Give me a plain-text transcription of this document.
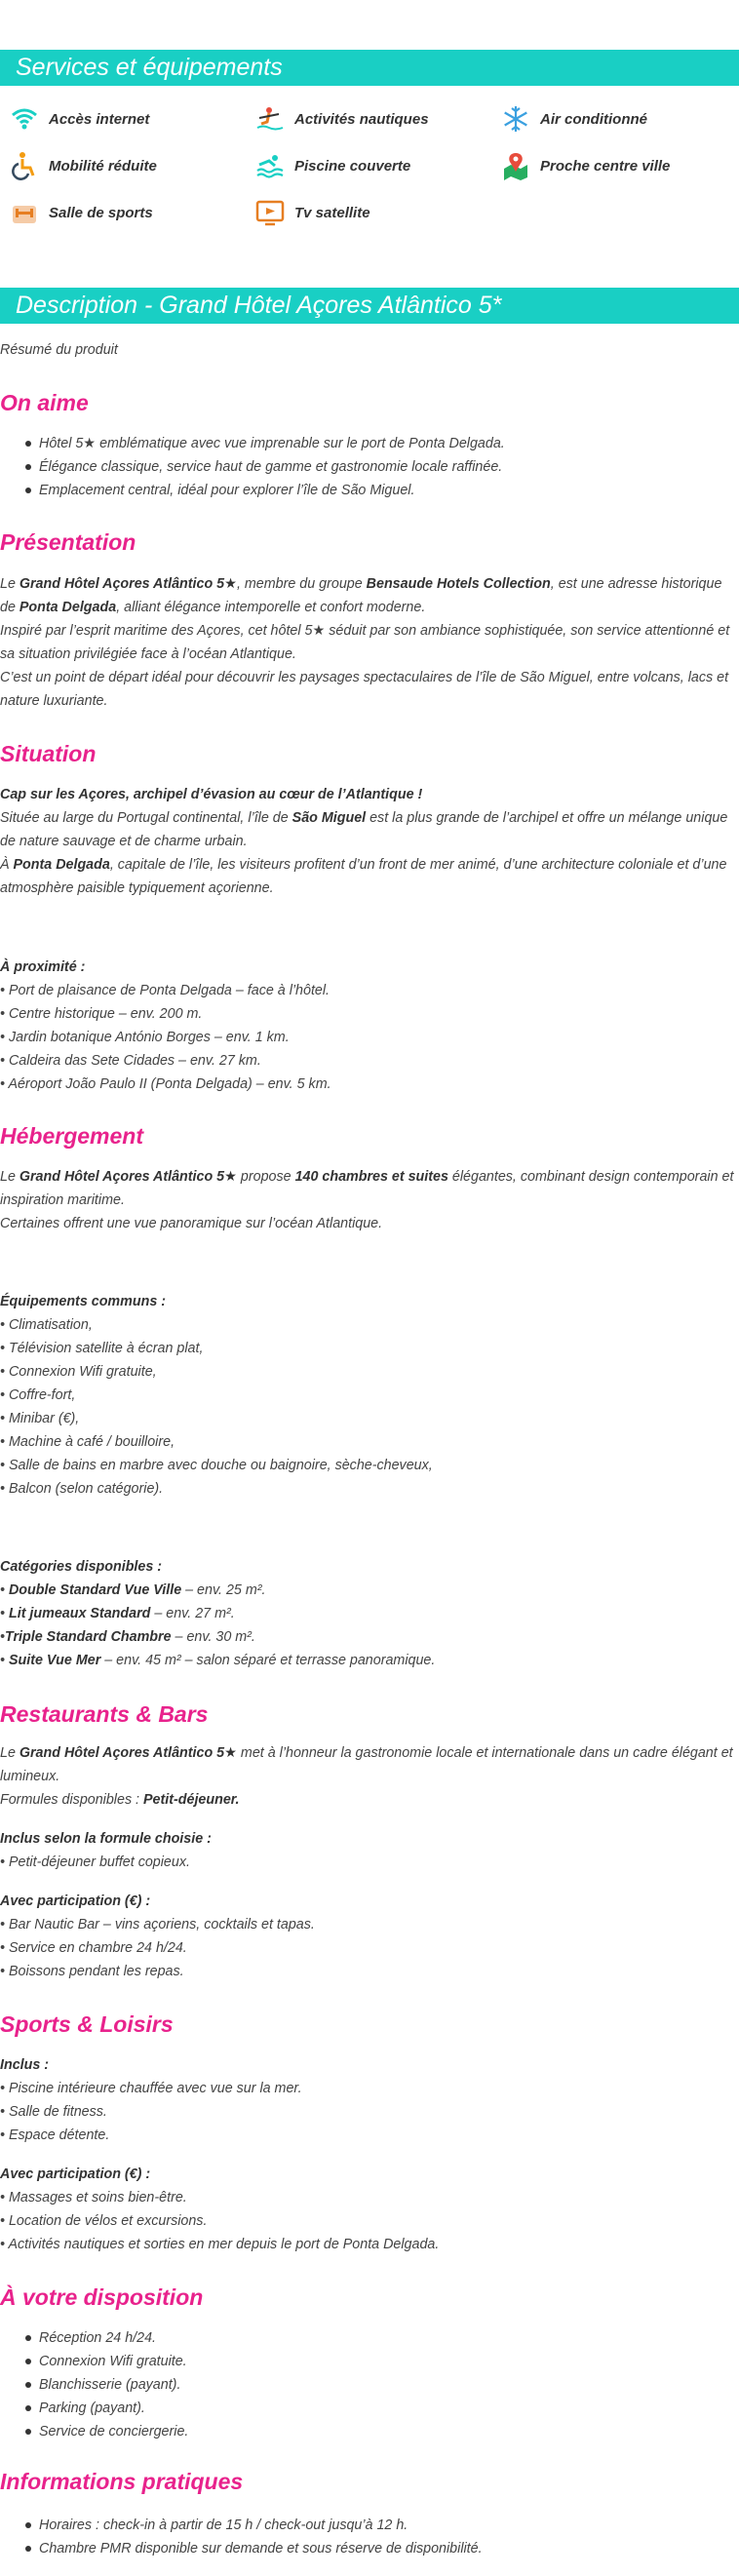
Services et équipements
Accès internet	Activités nautiques	Air conditionné
Mobilité réduite	Piscine couverte	Proche centre ville
Salle de sports	Tv satellite
Description - Grand Hôtel Açores Atlântico 5*
Résumé du produit
On aime
Hôtel 5★ emblématique avec vue imprenable sur le port de Ponta Delgada.
Élégance classique, service haut de gamme et gastronomie locale raffinée.
Emplacement central, idéal pour explorer l’île de São Miguel.
Présentation

Le Grand Hôtel Açores Atlântico 5★, membre du groupe Bensaude Hotels Collection, est une adresse historique de Ponta Delgada, alliant élégance intemporelle et confort moderne.

Inspiré par l’esprit maritime des Açores, cet hôtel 5★ séduit par son ambiance sophistiquée, son service attentionné et sa situation privilégiée face à l’océan Atlantique.

C’est un point de départ idéal pour découvrir les paysages spectaculaires de l’île de São Miguel, entre volcans, lacs et nature luxuriante.

Situation

Cap sur les Açores, archipel d’évasion au cœur de l’Atlantique !

Située au large du Portugal continental, l’île de São Miguel est la plus grande de l’archipel et offre un mélange unique de nature sauvage et de charme urbain.

À Ponta Delgada, capitale de l’île, les visiteurs profitent d’un front de mer animé, d’une architecture coloniale et d’une atmosphère paisible typiquement açorienne.

À proximité :

• Port de plaisance de Ponta Delgada – face à l’hôtel.

• Centre historique – env. 200 m.

• Jardin botanique António Borges – env. 1 km.

• Caldeira das Sete Cidades – env. 27 km.

• Aéroport João Paulo II (Ponta Delgada) – env. 5 km.

Hébergement

Le Grand Hôtel Açores Atlântico 5★ propose 140 chambres et suites élégantes, combinant design contemporain et inspiration maritime.

Certaines offrent une vue panoramique sur l’océan Atlantique.

Équipements communs :

• Climatisation,

• Télévision satellite à écran plat,

• Connexion Wifi gratuite,

• Coffre-fort,

• Minibar (€),

• Machine à café / bouilloire,

• Salle de bains en marbre avec douche ou baignoire, sèche-cheveux,

• Balcon (selon catégorie).

Catégories disponibles :

• Double Standard Vue Ville – env. 25 m².

• Lit jumeaux Standard – env. 27 m².

•Triple Standard Chambre – env. 30 m².

• Suite Vue Mer – env. 45 m² – salon séparé et terrasse panoramique.

Restaurants & Bars

Le Grand Hôtel Açores Atlântico 5★ met à l’honneur la gastronomie locale et internationale dans un cadre élégant et lumineux.

Formules disponibles : Petit-déjeuner.

Inclus selon la formule choisie :

• Petit-déjeuner buffet copieux.

Avec participation (€) :

• Bar Nautic Bar – vins açoriens, cocktails et tapas.

• Service en chambre 24 h/24.

• Boissons pendant les repas.

Sports & Loisirs

Inclus :

• Piscine intérieure chauffée avec vue sur la mer.

• Salle de fitness.

• Espace détente.

Avec participation (€) :

• Massages et soins bien-être.

• Location de vélos et excursions.

• Activités nautiques et sorties en mer depuis le port de Ponta Delgada.

À votre disposition
Réception 24 h/24.
Connexion Wifi gratuite.
Blanchisserie (payant).
Parking (payant).
Service de conciergerie.
Informations pratiques
Horaires : check-in à partir de 15 h / check-out jusqu’à 12 h.
Chambre PMR disponible sur demande et sous réserve de disponibilité.
